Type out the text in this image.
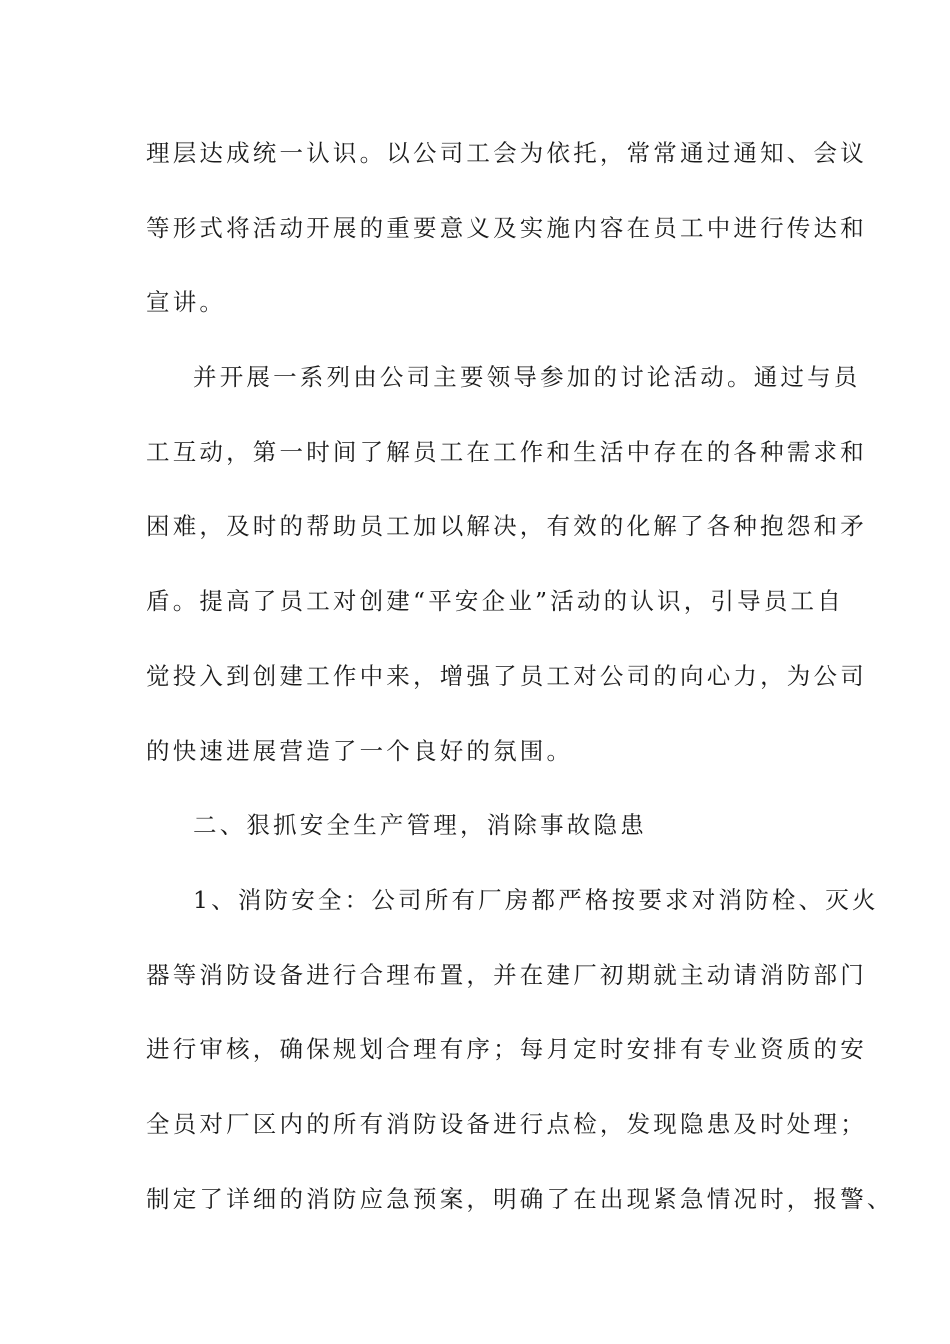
理层达成统一认识。以公司工会为依托，常常通过通知、会议
等形式将活动开展的重要意义及实施内容在员工中进行传达和
宣讲。
并开展一系列由公司主要领导参加的讨论活动。通过与员
工互动，第一时间了解员工在工作和生活中存在的各种需求和
困难，及时的帮助员工加以解决，有效的化解了各种抱怨和矛
盾。提高了员工对创建“平安企业”活动的认识，引导员工自
觉投入到创建工作中来，增强了员工对公司的向心力，为公司
的快速进展营造了一个良好的氛围。
二、狠抓安全生产管理，消除事故隐患
1、消防安全：公司所有厂房都严格按要求对消防栓、灭火
器等消防设备进行合理布置，并在建厂初期就主动请消防部门
进行审核，确保规划合理有序；每月定时安排有专业资质的安
全员对厂区内的所有消防设备进行点检，发现隐患及时处理；
制定了详细的消防应急预案，明确了在出现紧急情况时，报警、
